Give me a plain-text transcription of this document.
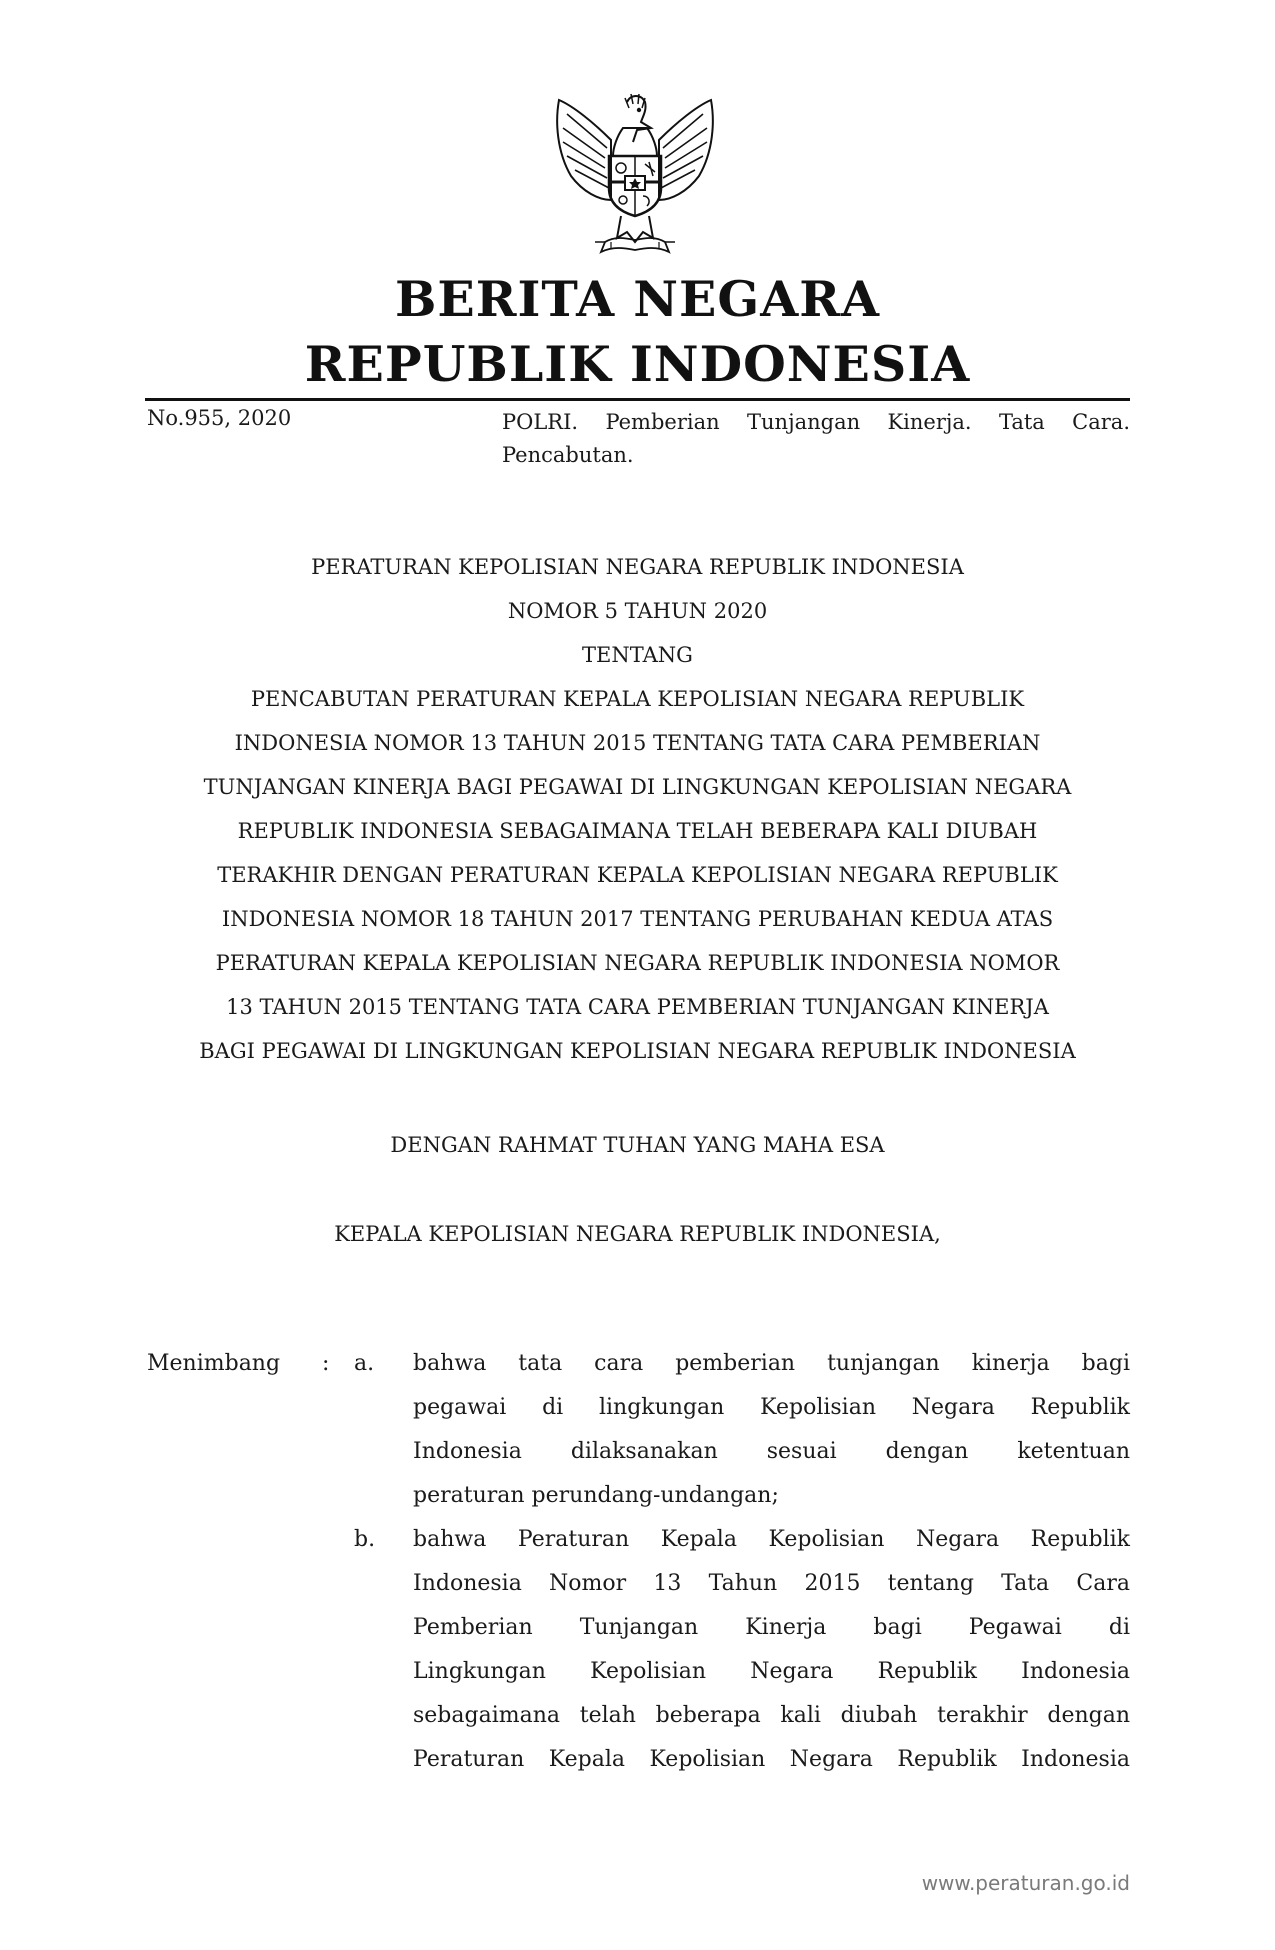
BERITA NEGARA
REPUBLIK INDONESIA
No.955, 2020	POLRI. Pemberian Tunjangan Kinerja. Tata Cara. Pencabutan.
PERATURAN KEPOLISIAN NEGARA REPUBLIK INDONESIA
NOMOR 5 TAHUN 2020
TENTANG
PENCABUTAN PERATURAN KEPALA KEPOLISIAN NEGARA REPUBLIK
INDONESIA NOMOR 13 TAHUN 2015 TENTANG TATA CARA PEMBERIAN
TUNJANGAN KINERJA BAGI PEGAWAI DI LINGKUNGAN KEPOLISIAN NEGARA
REPUBLIK INDONESIA SEBAGAIMANA TELAH BEBERAPA KALI DIUBAH
TERAKHIR DENGAN PERATURAN KEPALA KEPOLISIAN NEGARA REPUBLIK
INDONESIA NOMOR 18 TAHUN 2017 TENTANG PERUBAHAN KEDUA ATAS
PERATURAN KEPALA KEPOLISIAN NEGARA REPUBLIK INDONESIA NOMOR
13 TAHUN 2015 TENTANG TATA CARA PEMBERIAN TUNJANGAN KINERJA
BAGI PEGAWAI DI LINGKUNGAN KEPOLISIAN NEGARA REPUBLIK INDONESIA
DENGAN RAHMAT TUHAN YANG MAHA ESA
KEPALA KEPOLISIAN NEGARA REPUBLIK INDONESIA,
Menimbang : a. bahwa tata cara pemberian tunjangan kinerja bagi
pegawai di lingkungan Kepolisian Negara Republik
Indonesia dilaksanakan sesuai dengan ketentuan
peraturan perundang-undangan;
b. bahwa Peraturan Kepala Kepolisian Negara Republik
Indonesia Nomor 13 Tahun 2015 tentang Tata Cara
Pemberian Tunjangan Kinerja bagi Pegawai di
Lingkungan Kepolisian Negara Republik Indonesia
sebagaimana telah beberapa kali diubah terakhir dengan
Peraturan Kepala Kepolisian Negara Republik Indonesia
www.peraturan.go.id
